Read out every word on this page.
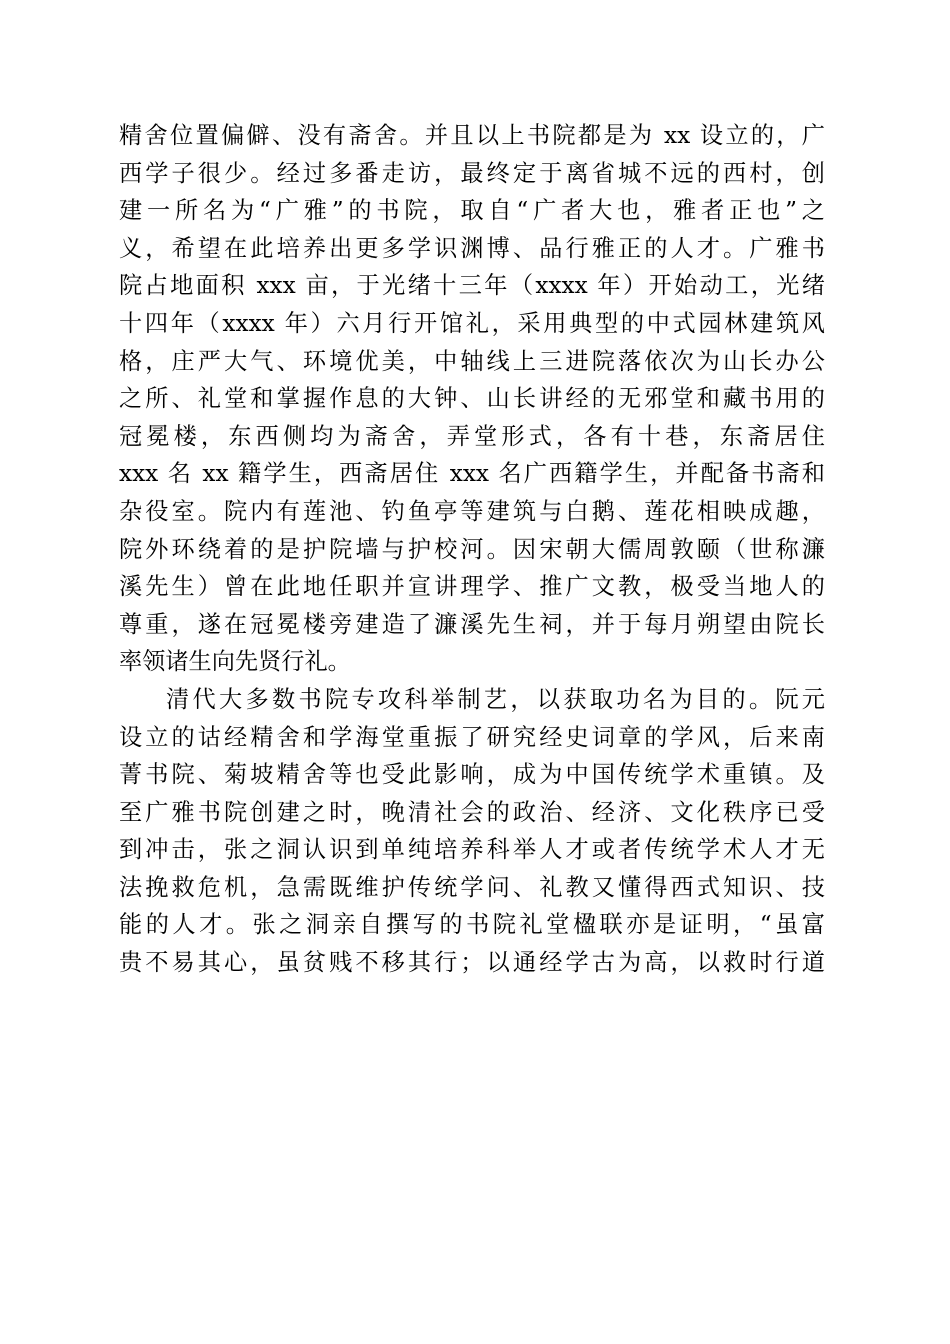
精舍位置偏僻、没有斋舍。并且以上书院都是为 xx 设立的，广
西学子很少。经过多番走访，最终定于离省城不远的西村，创
建一所名为“广雅”的书院，取自“广者大也，雅者正也”之
义，希望在此培养出更多学识渊博、品行雅正的人才。广雅书
院占地面积 xxx 亩，于光绪十三年（xxxx 年）开始动工，光绪
十四年（xxxx 年）六月行开馆礼，采用典型的中式园林建筑风
格，庄严大气、环境优美，中轴线上三进院落依次为山长办公
之所、礼堂和掌握作息的大钟、山长讲经的无邪堂和藏书用的
冠冕楼，东西侧均为斋舍，弄堂形式，各有十巷，东斋居住
xxx 名 xx 籍学生，西斋居住 xxx 名广西籍学生，并配备书斋和
杂役室。院内有莲池、钓鱼亭等建筑与白鹅、莲花相映成趣，
院外环绕着的是护院墙与护校河。因宋朝大儒周敦颐（世称濂
溪先生）曾在此地任职并宣讲理学、推广文教，极受当地人的
尊重，遂在冠冕楼旁建造了濂溪先生祠，并于每月朔望由院长
率领诸生向先贤行礼。
清代大多数书院专攻科举制艺，以获取功名为目的。阮元
设立的诂经精舍和学海堂重振了研究经史词章的学风，后来南
菁书院、菊坡精舍等也受此影响，成为中国传统学术重镇。及
至广雅书院创建之时，晚清社会的政治、经济、文化秩序已受
到冲击，张之洞认识到单纯培养科举人才或者传统学术人才无
法挽救危机，急需既维护传统学问、礼教又懂得西式知识、技
能的人才。张之洞亲自撰写的书院礼堂楹联亦是证明，“虽富
贵不易其心，虽贫贱不移其行；以通经学古为高，以救时行道
